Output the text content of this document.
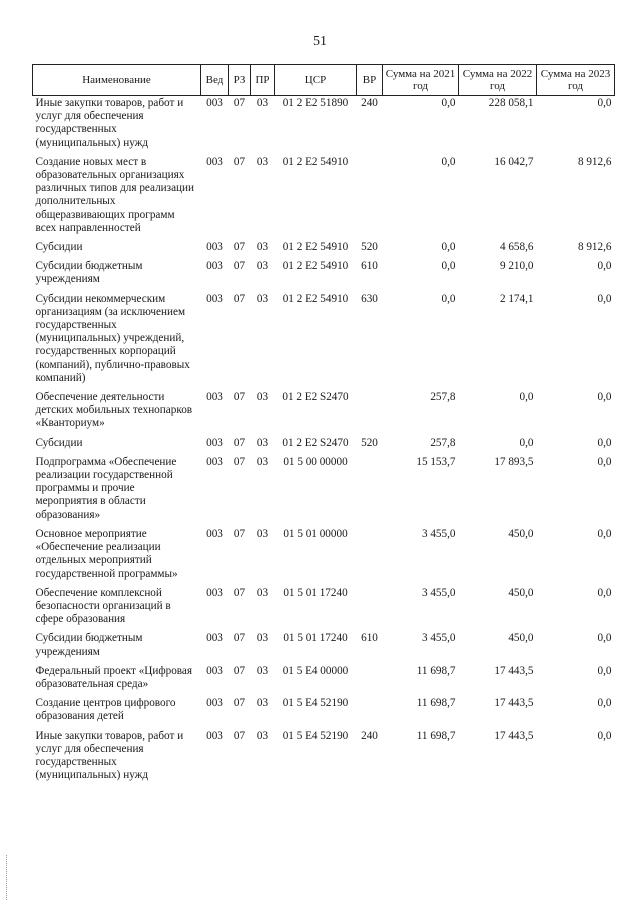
51
Наименование	Вед	РЗ	ПР	ЦСР	ВР	Сумма на 2021 год	Сумма на 2022 год	Сумма на 2023 год
Иные закупки товаров, работ и услуг для обеспечения государственных (муниципальных) нужд	003	07	03	01 2 E2 51890	240	0,0	228 058,1	0,0
Создание новых мест в образовательных организациях различных типов для реализации дополнительных общеразвивающих программ всех направленностей	003	07	03	01 2 E2 54910		0,0	16 042,7	8 912,6
Субсидии	003	07	03	01 2 E2 54910	520	0,0	4 658,6	8 912,6
Субсидии бюджетным учреждениям	003	07	03	01 2 E2 54910	610	0,0	9 210,0	0,0
Субсидии некоммерческим организациям (за исключением государственных (муниципальных) учреждений, государственных корпораций (компаний), публично-правовых компаний)	003	07	03	01 2 E2 54910	630	0,0	2 174,1	0,0
Обеспечение деятельности детских мобильных технопарков «Кванториум»	003	07	03	01 2 E2 S2470		257,8	0,0	0,0
Субсидии	003	07	03	01 2 E2 S2470	520	257,8	0,0	0,0
Подпрограмма «Обеспечение реализации государственной программы и прочие мероприятия в области образования»	003	07	03	01 5 00 00000		15 153,7	17 893,5	0,0
Основное мероприятие «Обеспечение реализации отдельных мероприятий государственной программы»	003	07	03	01 5 01 00000		3 455,0	450,0	0,0
Обеспечение комплексной безопасности организаций в сфере образования	003	07	03	01 5 01 17240		3 455,0	450,0	0,0
Субсидии бюджетным учреждениям	003	07	03	01 5 01 17240	610	3 455,0	450,0	0,0
Федеральный проект «Цифровая образовательная среда»	003	07	03	01 5 E4 00000		11 698,7	17 443,5	0,0
Создание центров цифрового образования детей	003	07	03	01 5 E4 52190		11 698,7	17 443,5	0,0
Иные закупки товаров, работ и услуг для обеспечения государственных (муниципальных) нужд	003	07	03	01 5 E4 52190	240	11 698,7	17 443,5	0,0
